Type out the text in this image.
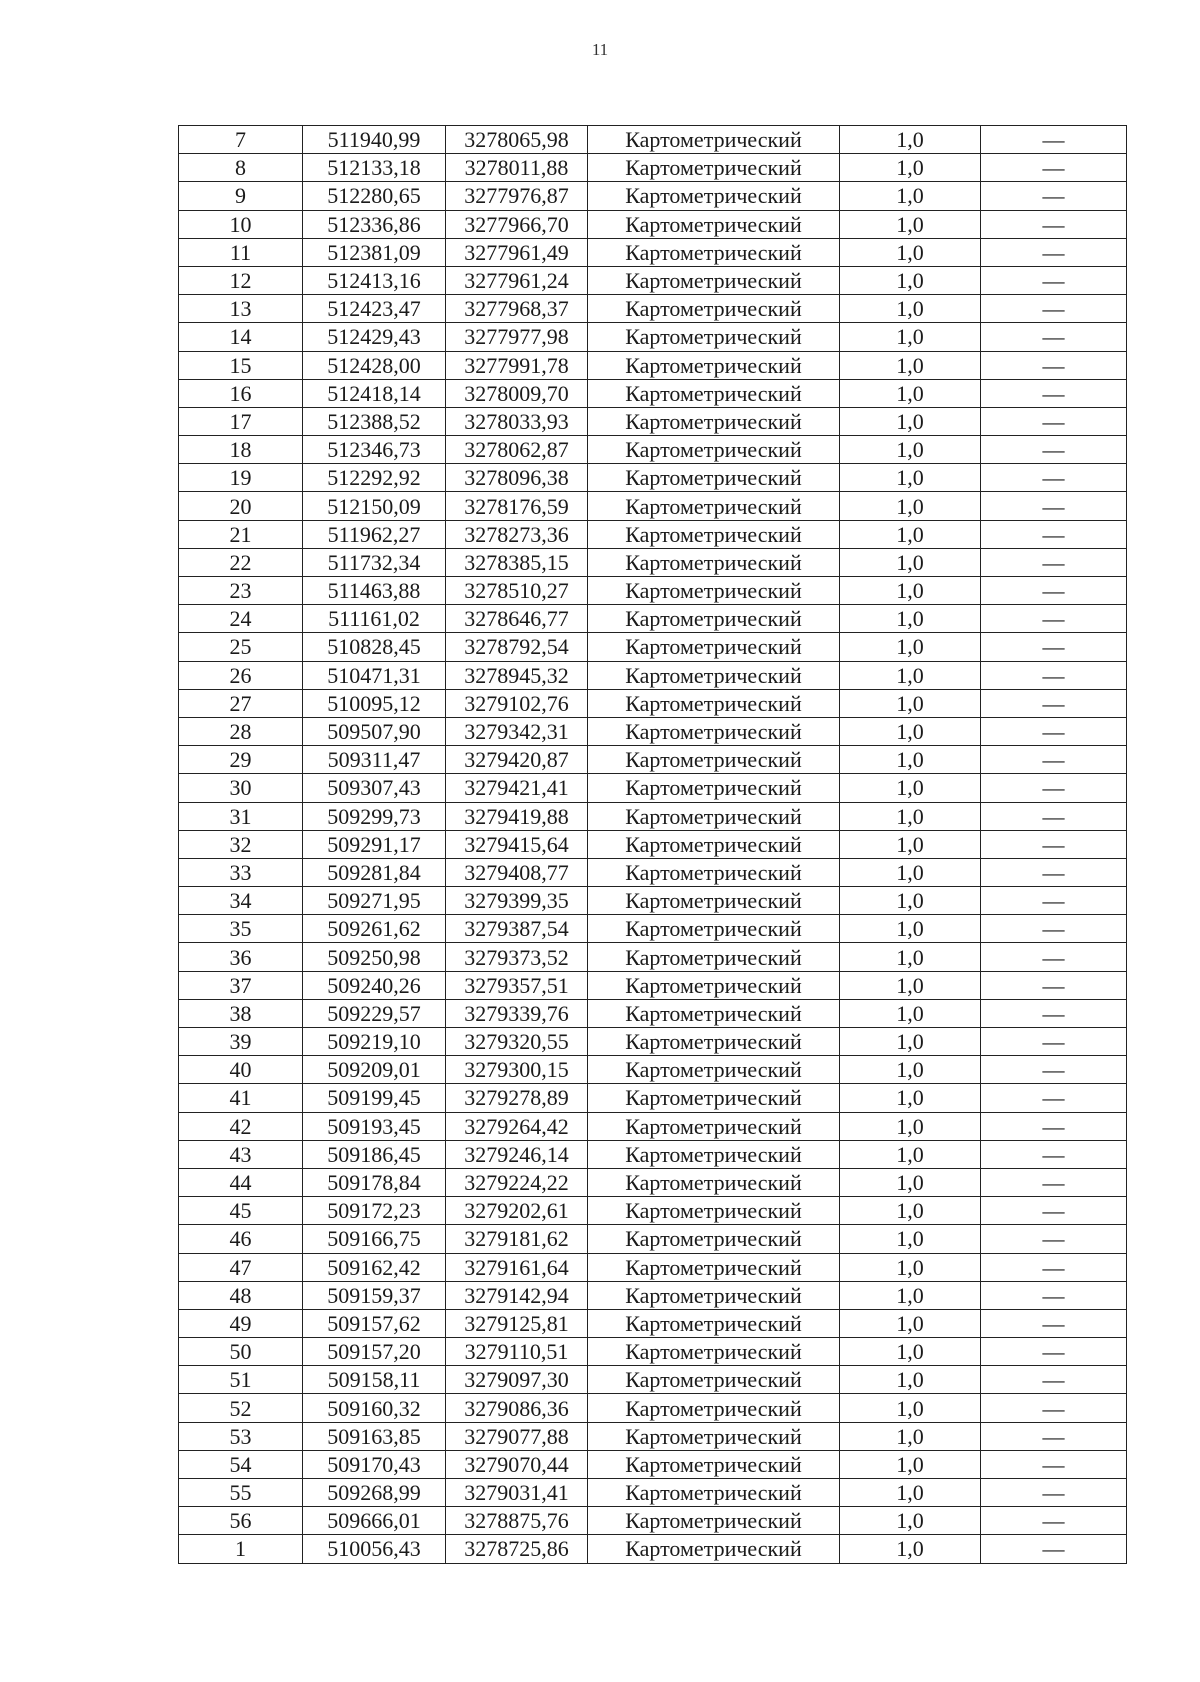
11
7	511940,99	3278065,98	Картометрический	1,0	—
8	512133,18	3278011,88	Картометрический	1,0	—
9	512280,65	3277976,87	Картометрический	1,0	—
10	512336,86	3277966,70	Картометрический	1,0	—
11	512381,09	3277961,49	Картометрический	1,0	—
12	512413,16	3277961,24	Картометрический	1,0	—
13	512423,47	3277968,37	Картометрический	1,0	—
14	512429,43	3277977,98	Картометрический	1,0	—
15	512428,00	3277991,78	Картометрический	1,0	—
16	512418,14	3278009,70	Картометрический	1,0	—
17	512388,52	3278033,93	Картометрический	1,0	—
18	512346,73	3278062,87	Картометрический	1,0	—
19	512292,92	3278096,38	Картометрический	1,0	—
20	512150,09	3278176,59	Картометрический	1,0	—
21	511962,27	3278273,36	Картометрический	1,0	—
22	511732,34	3278385,15	Картометрический	1,0	—
23	511463,88	3278510,27	Картометрический	1,0	—
24	511161,02	3278646,77	Картометрический	1,0	—
25	510828,45	3278792,54	Картометрический	1,0	—
26	510471,31	3278945,32	Картометрический	1,0	—
27	510095,12	3279102,76	Картометрический	1,0	—
28	509507,90	3279342,31	Картометрический	1,0	—
29	509311,47	3279420,87	Картометрический	1,0	—
30	509307,43	3279421,41	Картометрический	1,0	—
31	509299,73	3279419,88	Картометрический	1,0	—
32	509291,17	3279415,64	Картометрический	1,0	—
33	509281,84	3279408,77	Картометрический	1,0	—
34	509271,95	3279399,35	Картометрический	1,0	—
35	509261,62	3279387,54	Картометрический	1,0	—
36	509250,98	3279373,52	Картометрический	1,0	—
37	509240,26	3279357,51	Картометрический	1,0	—
38	509229,57	3279339,76	Картометрический	1,0	—
39	509219,10	3279320,55	Картометрический	1,0	—
40	509209,01	3279300,15	Картометрический	1,0	—
41	509199,45	3279278,89	Картометрический	1,0	—
42	509193,45	3279264,42	Картометрический	1,0	—
43	509186,45	3279246,14	Картометрический	1,0	—
44	509178,84	3279224,22	Картометрический	1,0	—
45	509172,23	3279202,61	Картометрический	1,0	—
46	509166,75	3279181,62	Картометрический	1,0	—
47	509162,42	3279161,64	Картометрический	1,0	—
48	509159,37	3279142,94	Картометрический	1,0	—
49	509157,62	3279125,81	Картометрический	1,0	—
50	509157,20	3279110,51	Картометрический	1,0	—
51	509158,11	3279097,30	Картометрический	1,0	—
52	509160,32	3279086,36	Картометрический	1,0	—
53	509163,85	3279077,88	Картометрический	1,0	—
54	509170,43	3279070,44	Картометрический	1,0	—
55	509268,99	3279031,41	Картометрический	1,0	—
56	509666,01	3278875,76	Картометрический	1,0	—
1	510056,43	3278725,86	Картометрический	1,0	—
